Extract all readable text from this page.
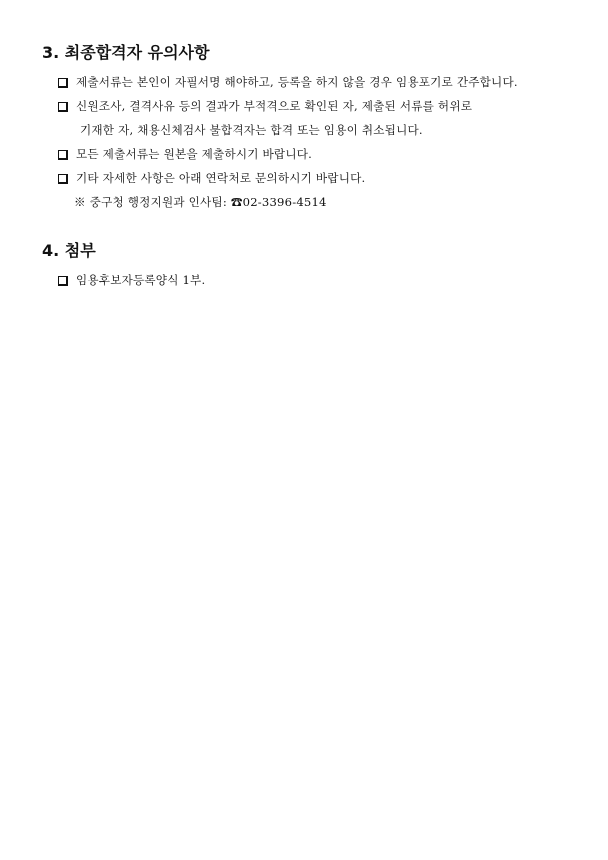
3. 최종합격자 유의사항
제출서류는 본인이 자필서명 해야하고, 등록을 하지 않을 경우 임용포기로 간주합니다.
신원조사, 결격사유 등의 결과가 부적격으로 확인된 자, 제출된 서류를 허위로
기재한 자, 채용신체검사 불합격자는 합격 또는 임용이 취소됩니다.
모든 제출서류는 원본을 제출하시기 바랍니다.
기타 자세한 사항은 아래 연락처로 문의하시기 바랍니다.
※ 중구청 행정지원과 인사팀: ☎02-3396-4514
4. 첨부
임용후보자등록양식 1부.
